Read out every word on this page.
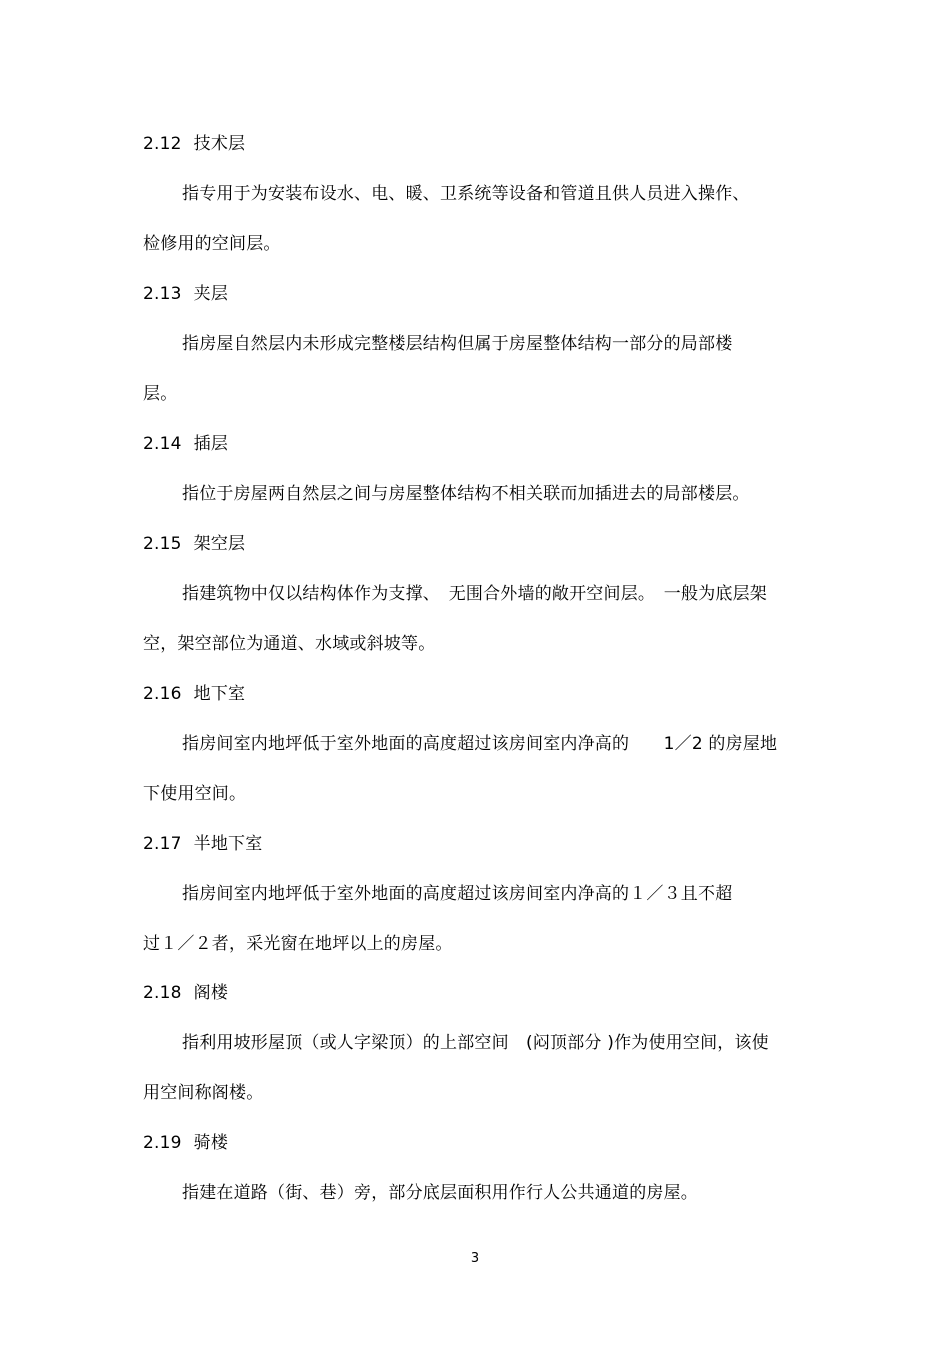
2.12 技术层
指专用于为安装布设水、电、暖、卫系统等设备和管道且供人员进入操作、
检修用的空间层。
2.13 夹层
指房屋自然层内未形成完整楼层结构但属于房屋整体结构一部分的局部楼
层。
2.14 插层
指位于房屋两自然层之间与房屋整体结构不相关联而加插进去的局部楼层。
2.15 架空层
指建筑物中仅以结构体作为支撑、　无围合外墙的敞开空间层。　一般为底层架
空，架空部位为通道、水域或斜坡等。
2.16 地下室
指房间室内地坪低于室外地面的高度超过该房间室内净高的　　1／2 的房屋地
下使用空间。
2.17 半地下室
指房间室内地坪低于室外地面的高度超过该房间室内净高的１／３且不超
过１／２者，采光窗在地坪以上的房屋。
2.18 阁楼
指利用坡形屋顶（或人字梁顶）的上部空间　(闷顶部分 )作为使用空间，该使
用空间称阁楼。
2.19 骑楼
指建在道路（街、巷）旁，部分底层面积用作行人公共通道的房屋。
3
